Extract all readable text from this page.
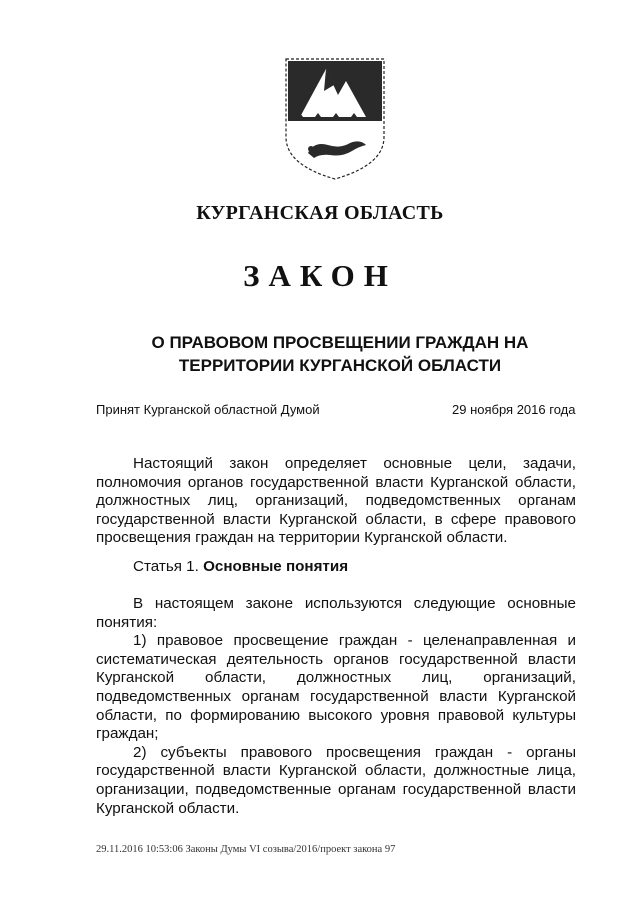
КУРГАНСКАЯ ОБЛАСТЬ
ЗАКОН
О ПРАВОВОМ ПРОСВЕЩЕНИИ ГРАЖДАН НА
ТЕРРИТОРИИ КУРГАНСКОЙ ОБЛАСТИ
Принят Курганской областной Думой	29 ноября 2016 года

Настоящий закон определяет основные цели, задачи, полномочия органов государственной власти Курганской области, должностных лиц, организаций, подведомственных органам государственной власти Курганской области, в сфере правового просвещения граждан на территории Курганской области.

Статья 1. Основные понятия

В настоящем законе используются следующие основные понятия:

1) правовое просвещение граждан - целенаправленная и систематическая деятельность органов государственной власти Курганской области, должностных лиц, организаций, подведомственных органам государственной власти Курганской области, по формированию высокого уровня правовой культуры граждан;

2) субъекты правового просвещения граждан - органы государственной власти Курганской области, должностные лица, организации, подведомственные органам государственной власти Курганской области.

29.11.2016 10:53:06 Законы Думы VI созыва/2016/проект закона 97
